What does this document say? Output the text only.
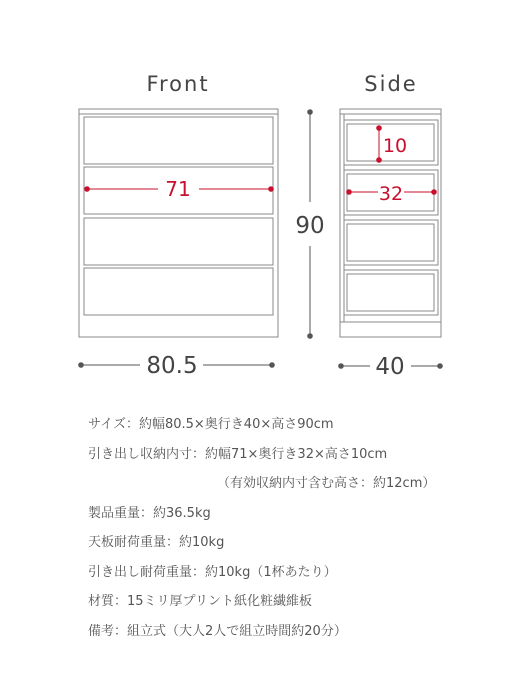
Front	Side
71
80.5
90
10
32
40
サイズ：約幅80.5×奥行き40×高さ90cm
引き出し収納内寸：約幅71×奥行き32×高さ10cm
（有効収納内寸含む高さ：約12cm）
製品重量：約36.5kg
天板耐荷重量：約10kg
引き出し耐荷重量：約10kg（1杯あたり）
材質：15ミリ厚プリント紙化粧繊維板
備考：組立式（大人2人で組立時間約20分）
